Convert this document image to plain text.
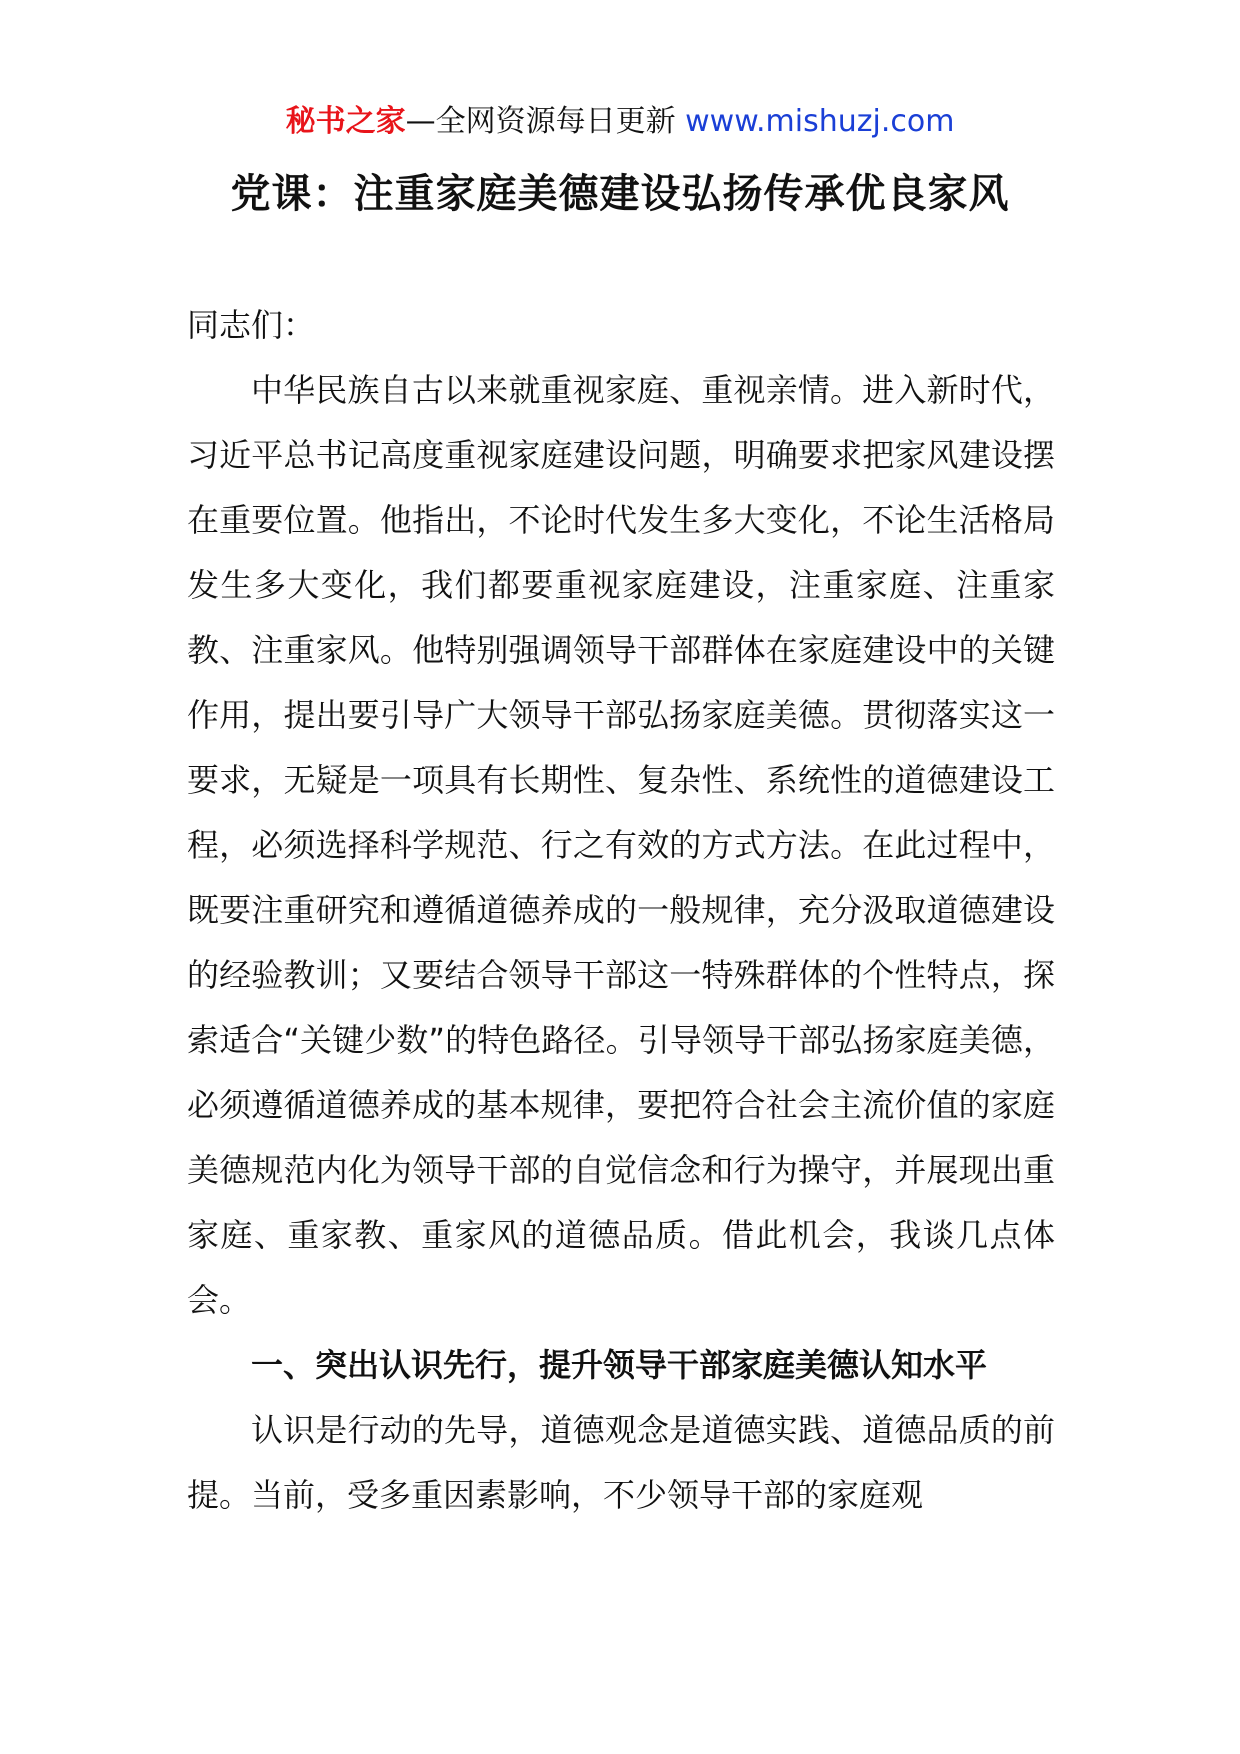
秘书之家—全网资源每日更新 www.mishuzj.com
党课：注重家庭美德建设弘扬传承优良家风

同志们：

中华民族自古以来就重视家庭、重视亲情。进入新时代，习近平总书记高度重视家庭建设问题，明确要求把家风建设摆在重要位置。他指出，不论时代发生多大变化，不论生活格局发生多大变化，我们都要重视家庭建设，注重家庭、注重家教、注重家风。他特别强调领导干部群体在家庭建设中的关键作用，提出要引导广大领导干部弘扬家庭美德。贯彻落实这一要求，无疑是一项具有长期性、复杂性、系统性的道德建设工程，必须选择科学规范、行之有效的方式方法。在此过程中，既要注重研究和遵循道德养成的一般规律，充分汲取道德建设的经验教训；又要结合领导干部这一特殊群体的个性特点，探索适合“关键少数”的特色路径。引导领导干部弘扬家庭美德，必须遵循道德养成的基本规律，要把符合社会主流价值的家庭美德规范内化为领导干部的自觉信念和行为操守，并展现出重家庭、重家教、重家风的道德品质。借此机会，我谈几点体会。

一、突出认识先行，提升领导干部家庭美德认知水平

认识是行动的先导，道德观念是道德实践、道德品质的前提。当前，受多重因素影响，不少领导干部的家庭观
